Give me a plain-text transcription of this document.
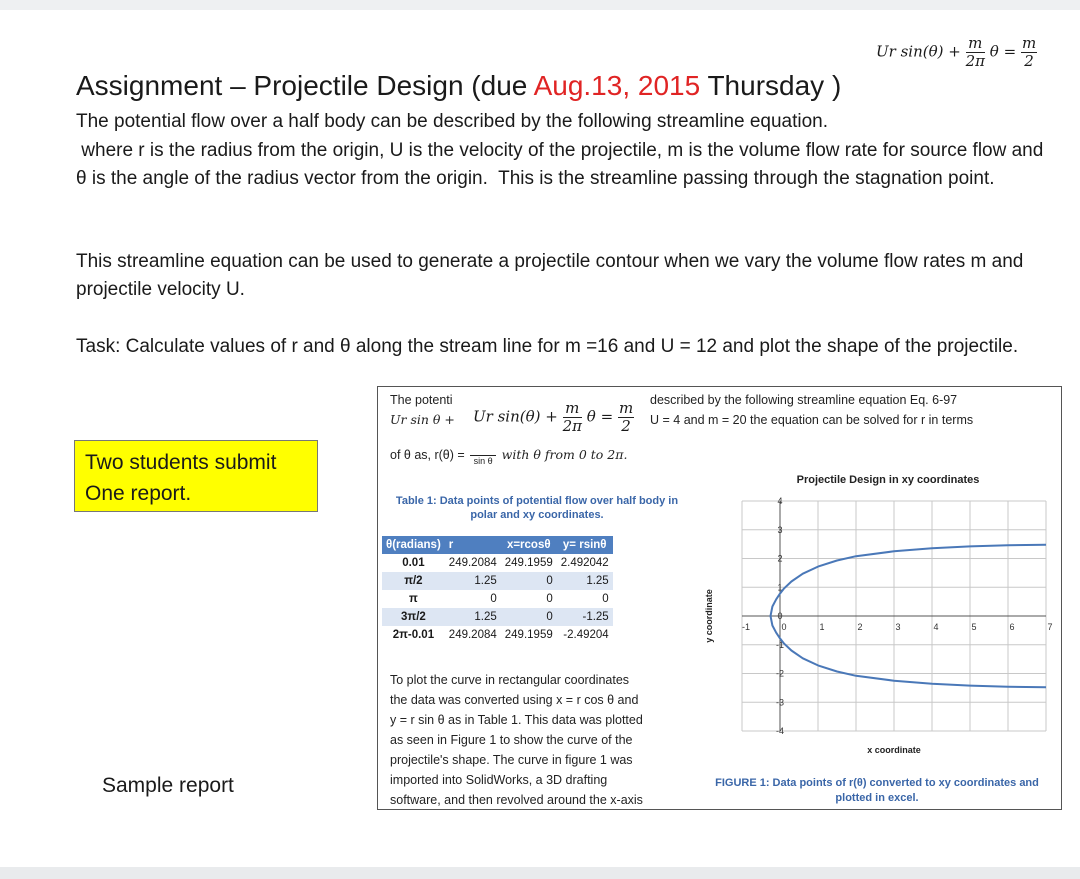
Ur $\sin(\theta) + \frac{m}{2\pi}$ $\theta = \frac{m}{2}$
Assignment – Projectile Design (due Aug.13, 2015 Thursday )
The potential flow over a half body can be described by the following streamline equation.
where r is the radius from the origin, U is the velocity of the projectile, m is the volume flow rate for source flow and θ is the angle of the radius vector from the origin.  This is the streamline passing through the stagnation point.
This streamline equation can be used to generate a projectile contour when we vary the volume flow rates m and projectile velocity U.
Task: Calculate values of r and θ along the stream line for m =16 and U = 12 and plot the shape of the projectile.
Two students submit
One report.
Sample report
The potenti	described by the following streamline equation Eq. 6-97
Ur sin θ + Ur $\sin(\theta) + \frac{m}{2\pi}$ $\theta = \frac{m}{2}$ U = 4 and m = 20 the equation can be solved for r in terms
of θ as, r(θ) =
sin θ with θ from 0 to 2π.
Table 1: Data points of potential flow over half body in polar and xy coordinates.
θ(radians)	r	x=rcosθ	y= rsinθ
0.01	249.2084	249.1959	2.492042
π/2	1.25	0	1.25
π	0	0	0
3π/2	1.25	0	-1.25
2π-0.01	249.2084	249.1959	-2.49204
To plot the curve in rectangular coordinates
the data was converted using x = r cos θ and
y = r sin θ as in Table 1. This data was plotted
as seen in Figure 1 to show the curve of the
projectile's shape. The curve in figure 1 was
imported into SolidWorks, a 3D drafting
software, and then revolved around the x-axis
Projectile Design in xy coordinates
-1	0	1	2	3	4	5	6	7
-4
-3
-2
-1
0
1
2
3
4
x coordinate
y coordinate
FIGURE 1: Data points of r(θ) converted to xy coordinates and
plotted in excel.
